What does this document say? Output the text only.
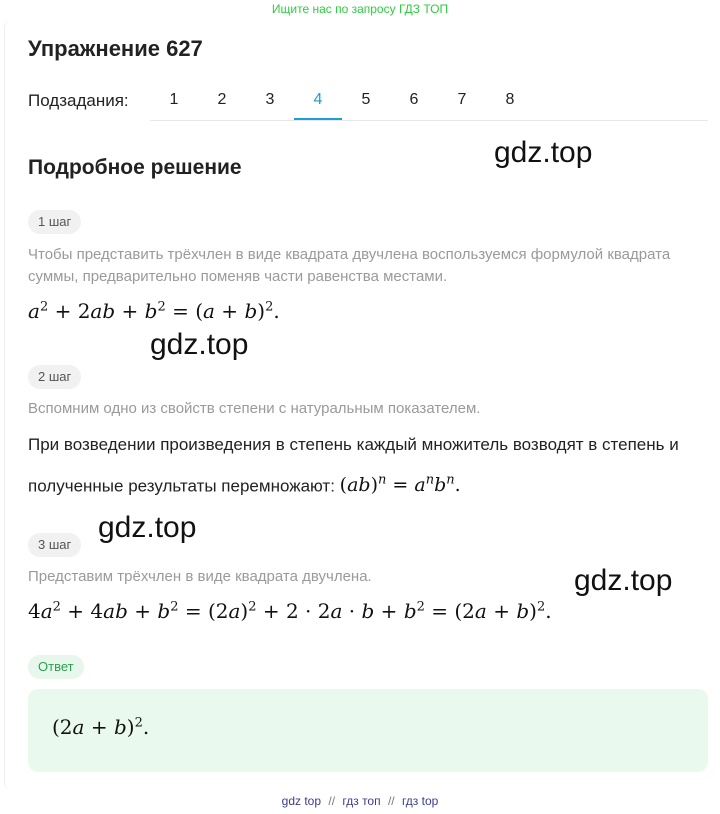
Ищите нас по запросу ГДЗ ТОП
Упражнение 627
Подзадания:	1	2	3	4	5	6	7	8
Подробное решение	gdz.top
1 шаг
Чтобы представить трёхчлен в виде квадрата двучлена воспользуемся формулой квадрата суммы, предварительно поменяв части равенства местами.
$a^2 + 2ab + b^2 = (a + b)^2$.
gdz.top
2 шаг
Вспомним одно из свойств степени с натуральным показателем.
При возведении произведения в степень каждый множитель возводят в степень и полученные результаты перемножают: $(ab)^n = a^nb^n$.
gdz.top
3 шаг
Представим трёхчлен в виде квадрата двучлена.	gdz.top
$4a^2 + 4ab + b^2 = (2a)^2 + 2 \cdot 2a \cdot b + b^2 = (2a + b)^2$.
Ответ
$(2a + b)^2$.
gdz top // гдз топ // гдз top
